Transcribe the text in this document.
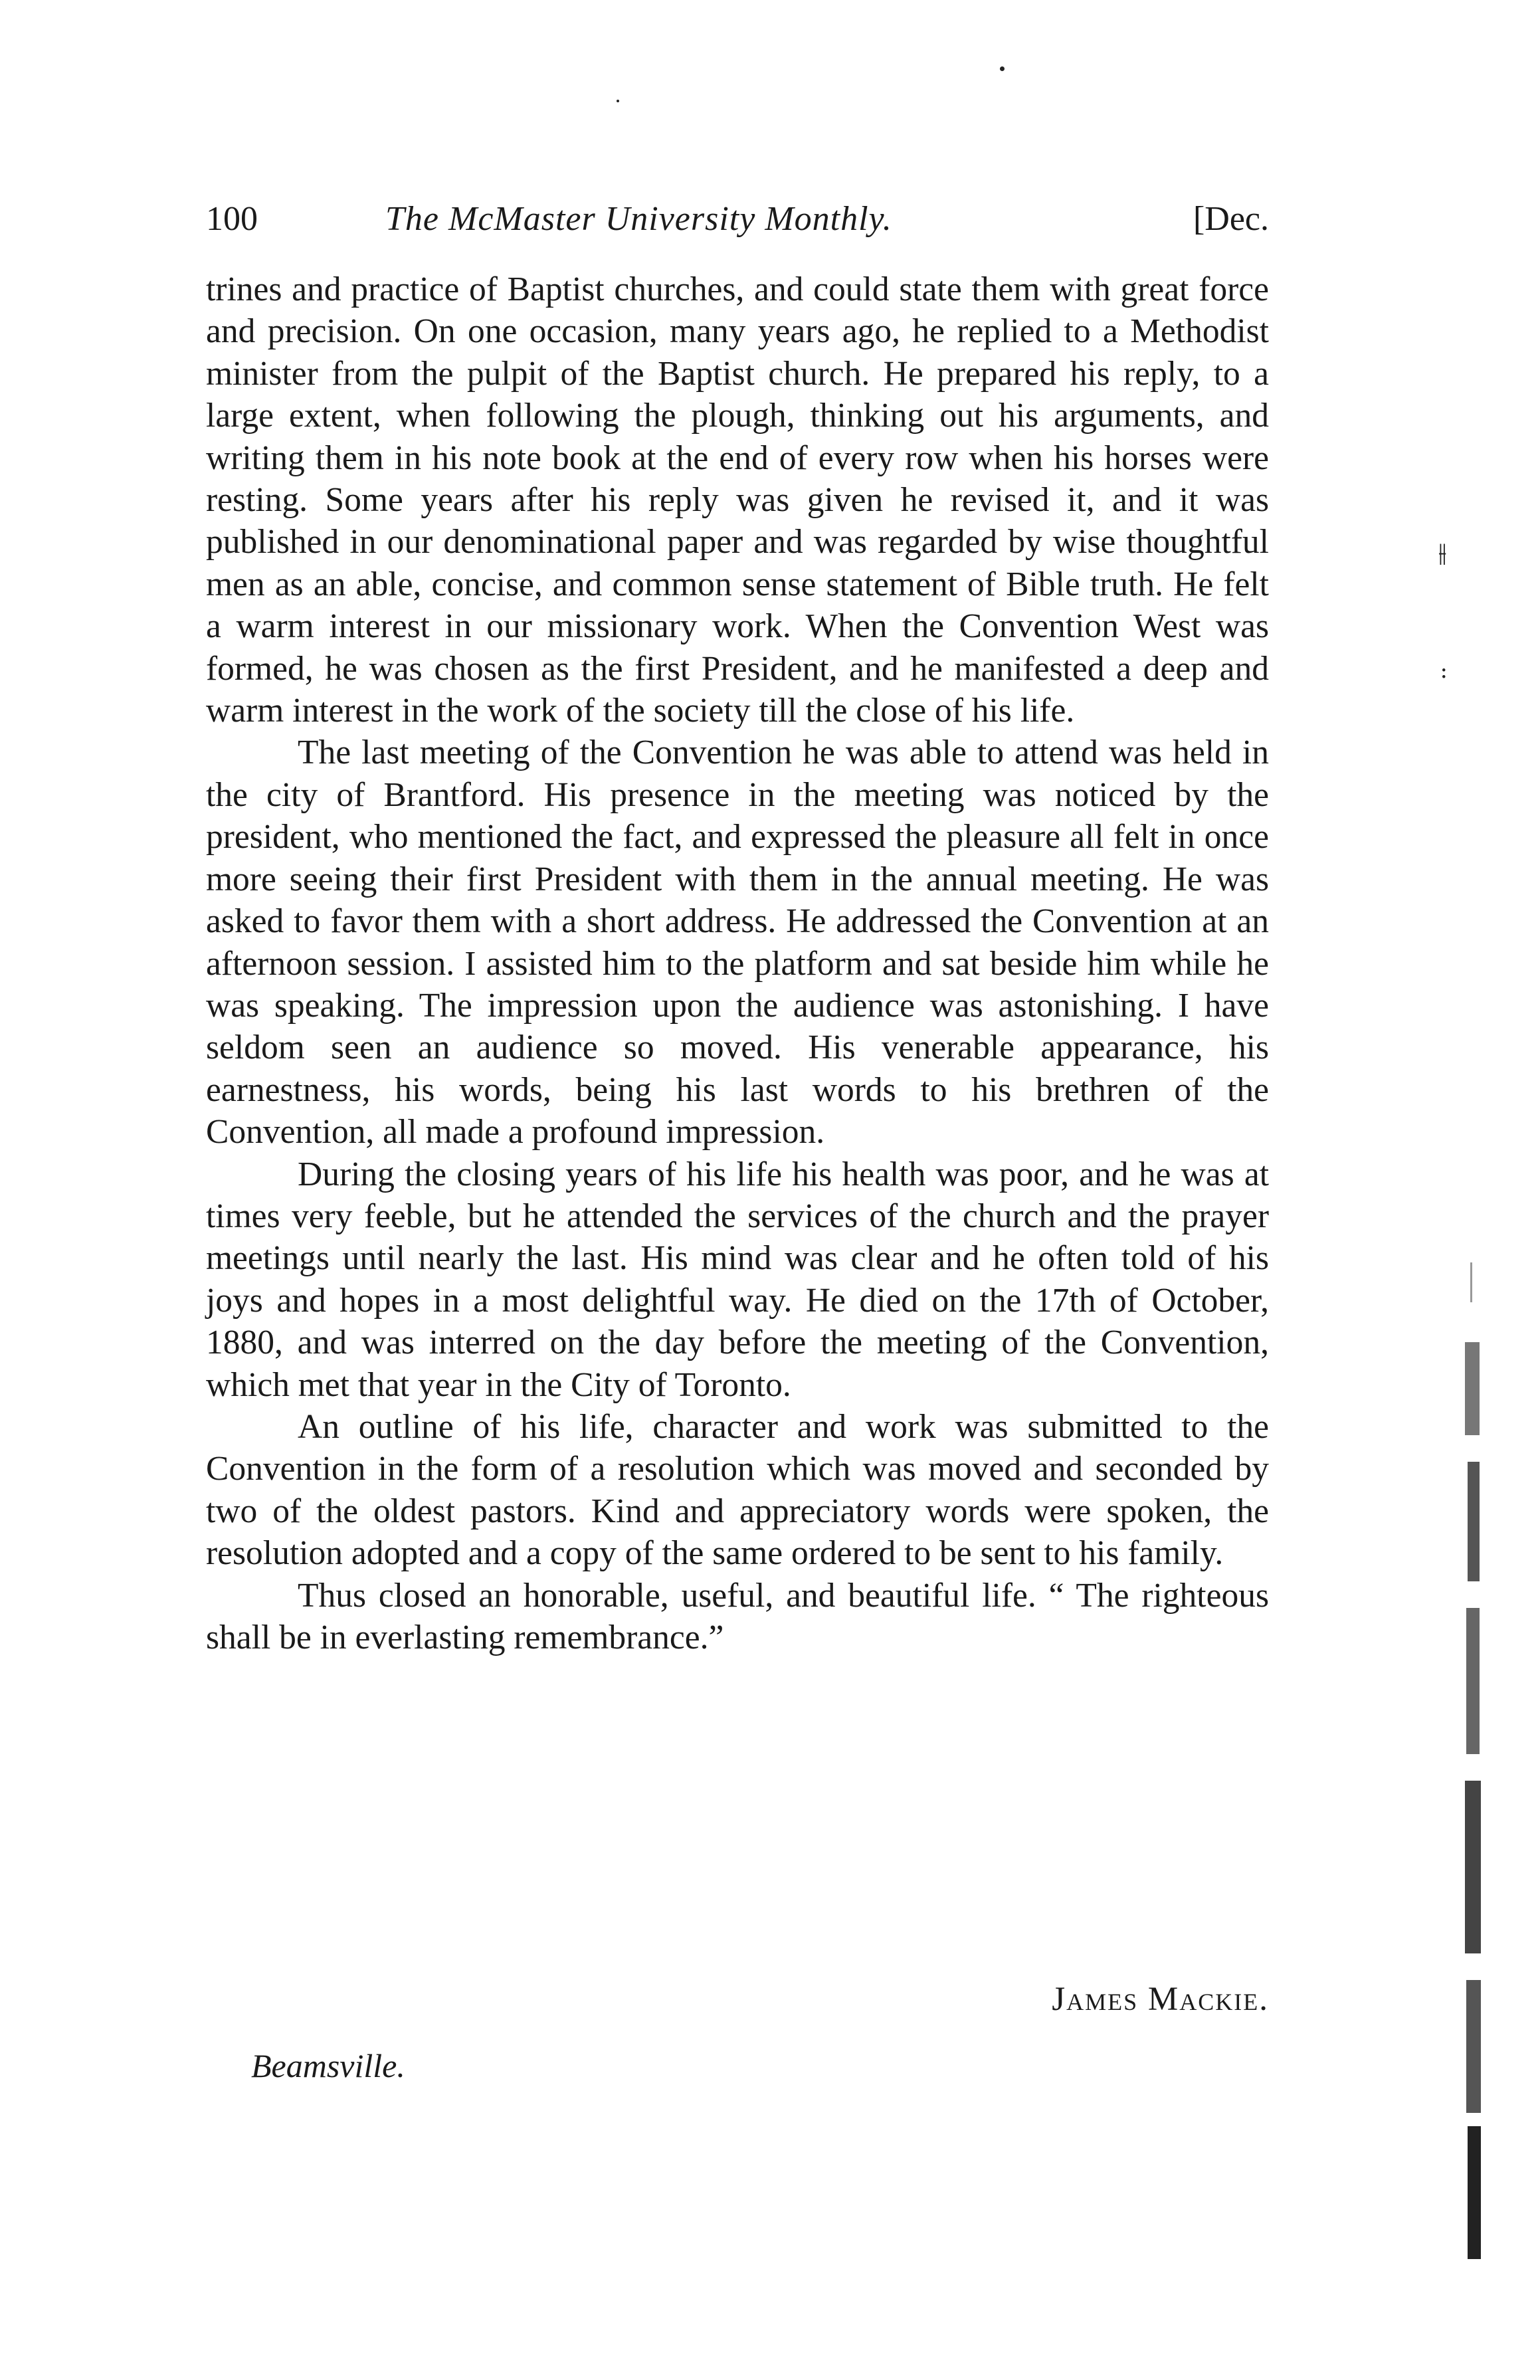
100	The McMaster University Monthly.	[Dec.

trines and practice of Baptist churches, and could state them with great force and precision. On one occasion, many years ago, he replied to a Methodist minister from the pulpit of the Baptist church. He prepared his reply, to a large extent, when following the plough, thinking out his arguments, and writing them in his note book at the end of every row when his horses were resting. Some years after his reply was given he revised it, and it was published in our denominational paper and was regarded by wise thoughtful men as an able, concise, and common sense statement of Bible truth. He felt a warm interest in our missionary work. When the Convention West was formed, he was chosen as the first President, and he manifested a deep and warm interest in the work of the society till the close of his life.

The last meeting of the Convention he was able to attend was held in the city of Brantford. His presence in the meeting was noticed by the president, who mentioned the fact, and expressed the pleasure all felt in once more seeing their first President with them in the annual meeting. He was asked to favor them with a short address. He addressed the Convention at an afternoon session. I assisted him to the platform and sat beside him while he was speaking. The impression upon the audience was astonishing. I have seldom seen an audience so moved. His venerable appearance, his earnestness, his words, being his last words to his brethren of the Convention, all made a profound impression.

During the closing years of his life his health was poor, and he was at times very feeble, but he attended the services of the church and the prayer meetings until nearly the last. His mind was clear and he often told of his joys and hopes in a most delightful way. He died on the 17th of October, 1880, and was interred on the day before the meeting of the Convention, which met that year in the City of Toronto.

An outline of his life, character and work was submitted to the Convention in the form of a resolution which was moved and seconded by two of the oldest pastors. Kind and appreciatory words were spoken, the resolution adopted and a copy of the same ordered to be sent to his family.

Thus closed an honorable, useful, and beautiful life. “ The righteous shall be in everlasting remembrance.”

James Mackie.
Beamsville.
⫲
꞉
